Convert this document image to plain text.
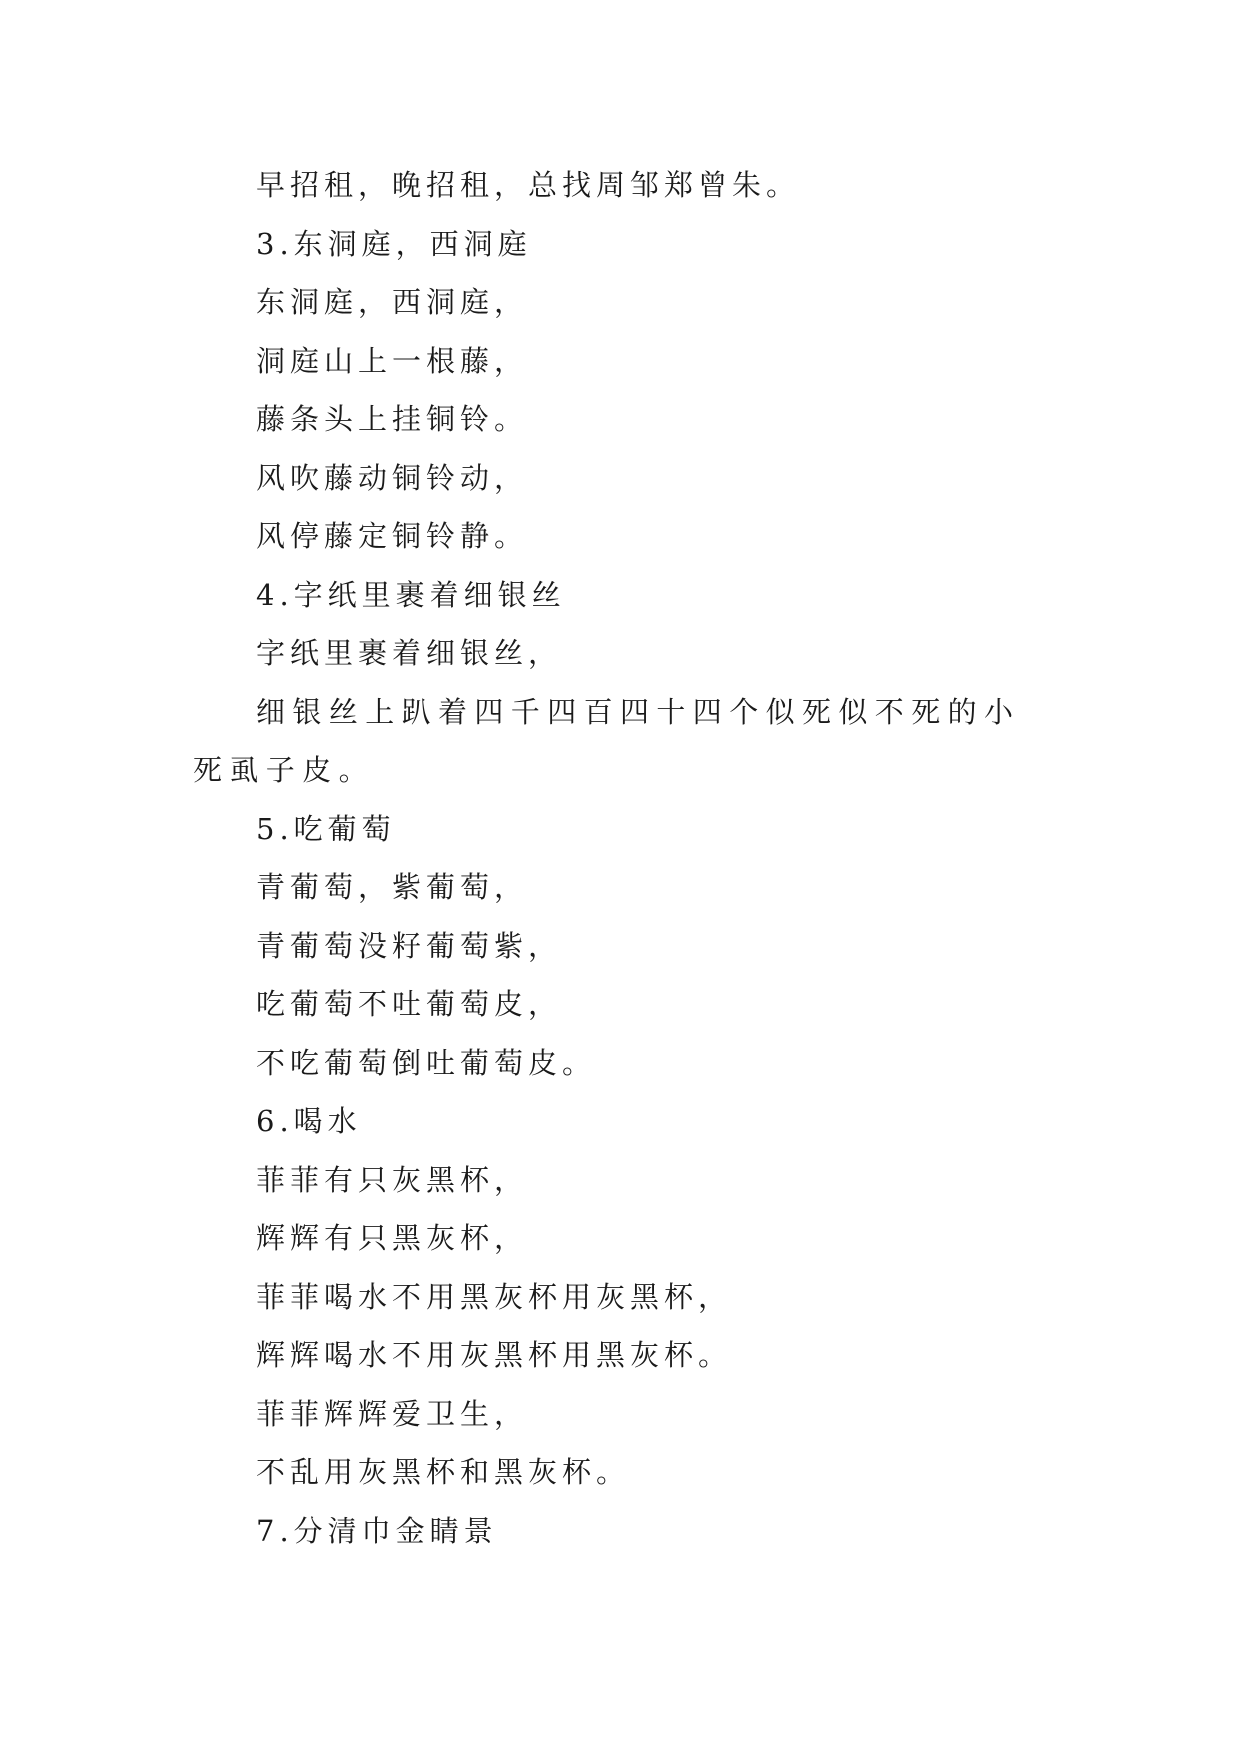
早招租，晚招租，总找周邹郑曾朱。
3.东洞庭，西洞庭
东洞庭，西洞庭，
洞庭山上一根藤，
藤条头上挂铜铃。
风吹藤动铜铃动，
风停藤定铜铃静。
4.字纸里裹着细银丝
字纸里裹着细银丝，
细银丝上趴着四千四百四十四个似死似不死的小死虱子皮。
5.吃葡萄
青葡萄，紫葡萄，
青葡萄没籽葡萄紫，
吃葡萄不吐葡萄皮，
不吃葡萄倒吐葡萄皮。
6.喝水
菲菲有只灰黑杯，
辉辉有只黑灰杯，
菲菲喝水不用黑灰杯用灰黑杯，
辉辉喝水不用灰黑杯用黑灰杯。
菲菲辉辉爱卫生，
不乱用灰黑杯和黑灰杯。
7.分清巾金睛景
